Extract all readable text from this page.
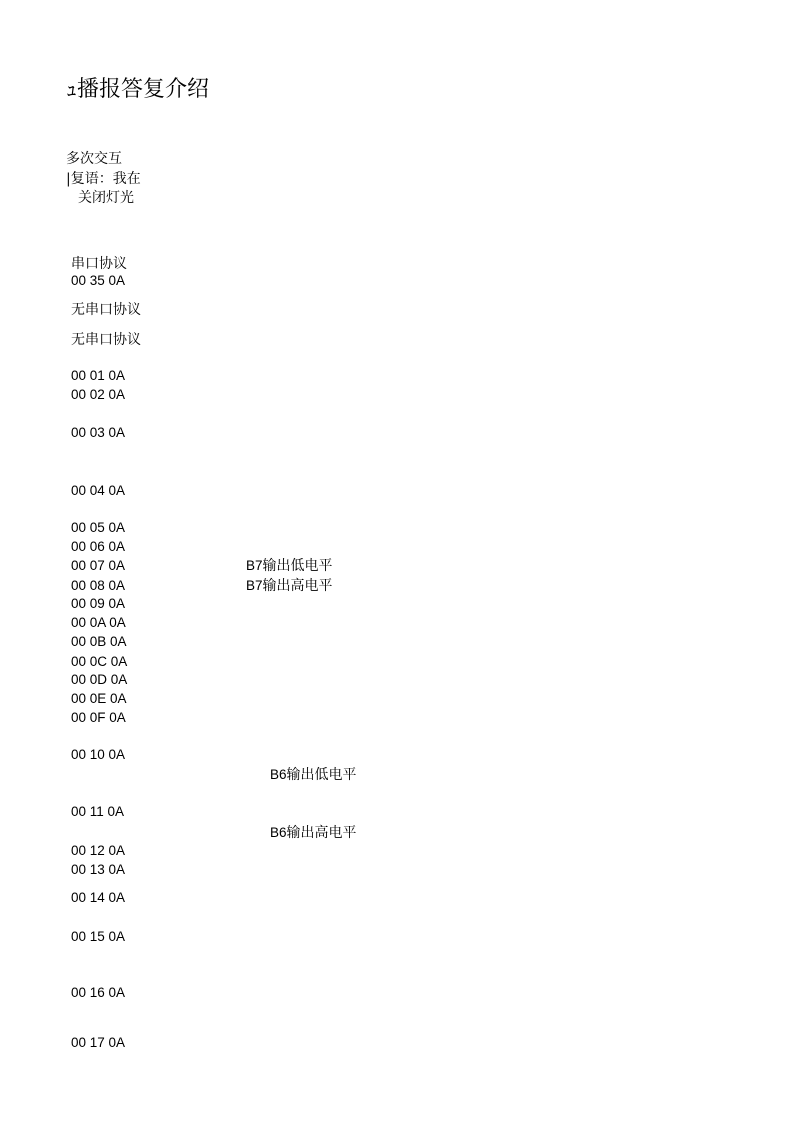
ｭ播报答复介绍
多次交互
|复语：我在
关闭灯光
串口协议
00 35 0A
无串口协议
无串口协议
00 01 0A
00 02 0A
00 03 0A
00 04 0A
00 05 0A
00 06 0A
00 07 0A
00 08 0A
00 09 0A
00 0A 0A
00 0B 0A
00 0C 0A
00 0D 0A
00 0E 0A
00 0F 0A
00 10 0A
00 11 0A
00 12 0A
00 13 0A
00 14 0A
00 15 0A
00 16 0A
00 17 0A
B7输出低电平
B7输出高电平
B6输出低电平
B6输出高电平
